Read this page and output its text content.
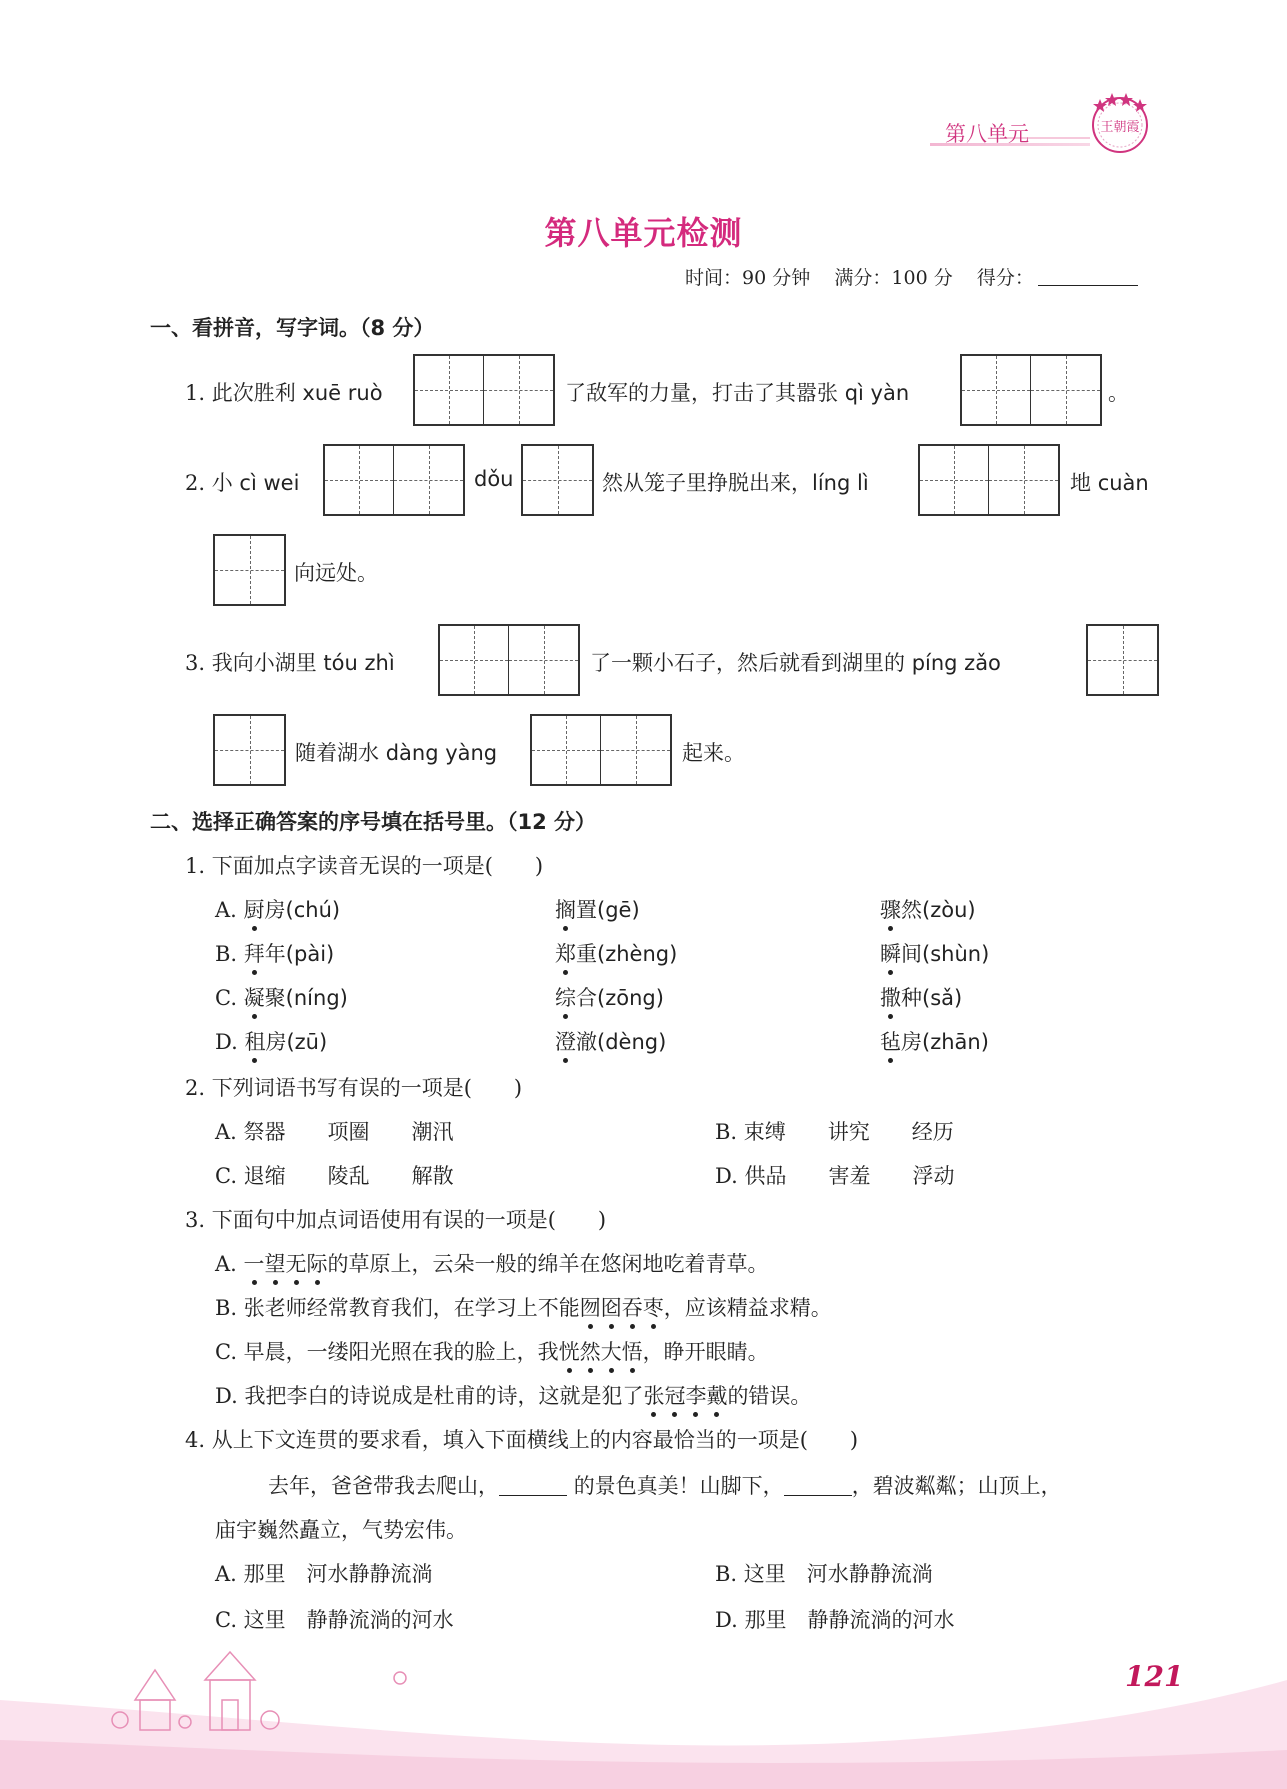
第八单元	王朝霞
第八单元检测
时间：90 分钟 满分：100 分 得分：
一、看拼音，写字词。（8 分）
1. 此次胜利 xuē ruò	了敌军的力量，打击了其嚣张 qì yàn	。
2. 小 cì wei	dǒu	然从笼子里挣脱出来，líng lì	地 cuàn
向远处。
3. 我向小湖里 tóu zhì	了一颗小石子，然后就看到湖里的 píng zǎo
随着湖水 dàng yàng	起来。
二、选择正确答案的序号填在括号里。（12 分）
1. 下面加点字读音无误的一项是(　　)
A. 厨房(chú)	搁置(gē)	骤然(zòu)
B. 拜年(pài)	郑重(zhèng)	瞬间(shùn)
C. 凝聚(níng)	综合(zōng)	撒种(sǎ)
D. 租房(zū)	澄澈(dèng)	毡房(zhān)
2. 下列词语书写有误的一项是(　　)
A. 祭器　　项圈　　潮汛	B. 束缚　　讲究　　经历
C. 退缩　　陵乱　　解散	D. 供品　　害羞　　浮动
3. 下面句中加点词语使用有误的一项是(　　)
A. 一望无际的草原上，云朵一般的绵羊在悠闲地吃着青草。
B. 张老师经常教育我们，在学习上不能囫囵吞枣，应该精益求精。
C. 早晨，一缕阳光照在我的脸上，我恍然大悟，睁开眼睛。
D. 我把李白的诗说成是杜甫的诗，这就是犯了张冠李戴的错误。
4. 从上下文连贯的要求看，填入下面横线上的内容最恰当的一项是(　　)
去年，爸爸带我去爬山，	的景色真美！山脚下，	，碧波粼粼；山顶上，
庙宇巍然矗立，气势宏伟。
A. 那里　河水静静流淌	B. 这里　河水静静流淌
C. 这里　静静流淌的河水	D. 那里　静静流淌的河水
121
